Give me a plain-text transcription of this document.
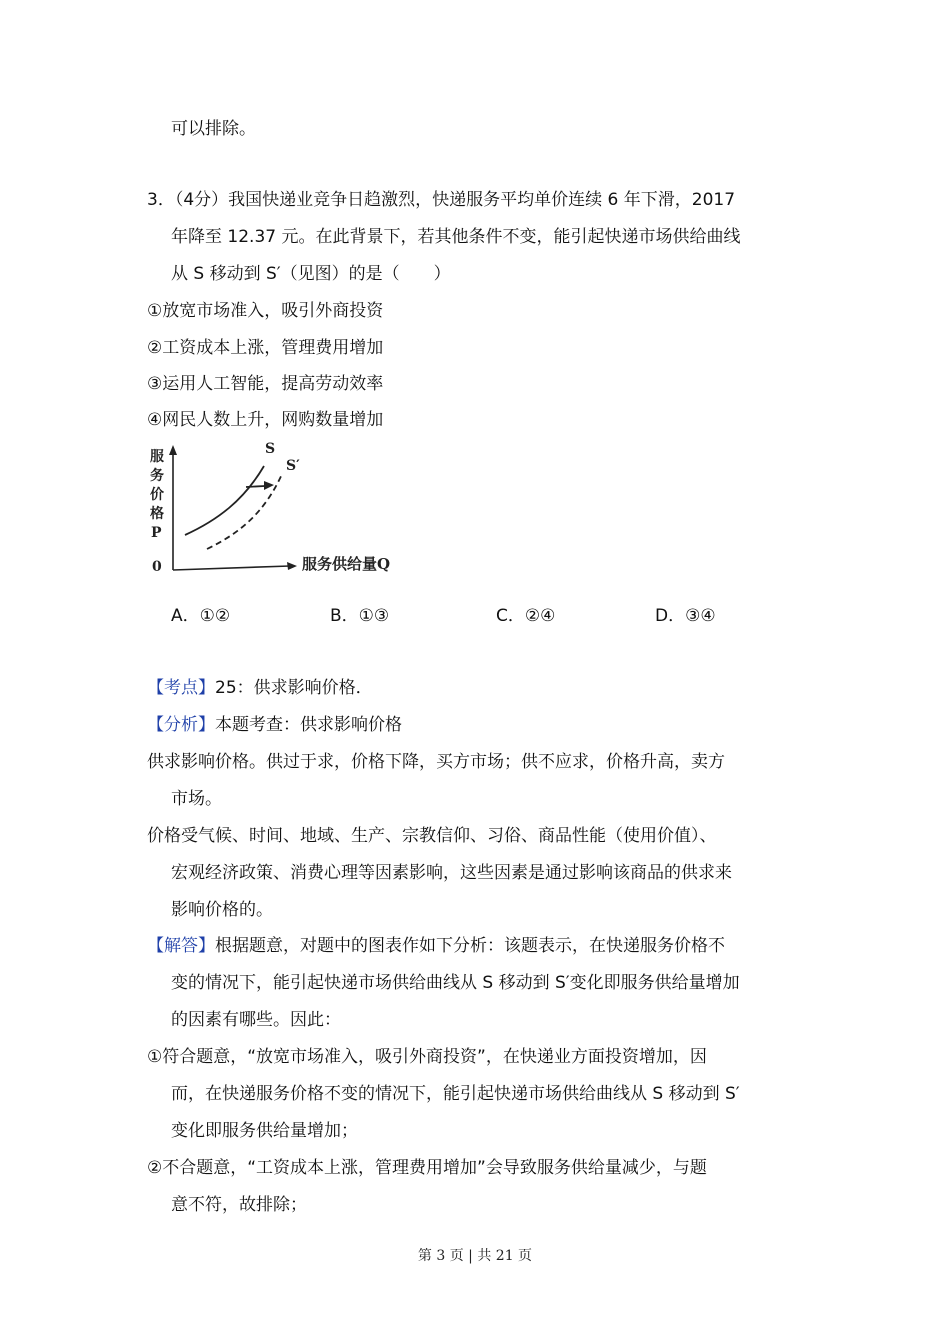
可以排除。
3．（4分）我国快递业竞争日趋激烈，快递服务平均单价连续 6 年下滑，2017
年降至 12.37 元。在此背景下，若其他条件不变，能引起快递市场供给曲线
从 S 移动到 S′（见图）的是（　　）
①放宽市场准入，吸引外商投资
②工资成本上涨，管理费用增加
③运用人工智能，提高劳动效率
④网民人数上升，网购数量增加
服
务
价
格
P
0	服务供给量Q
S
S′
A．①②	B．①③	C．②④	D．③④
【考点】25：供求影响价格．
【分析】本题考查：供求影响价格
供求影响价格。供过于求，价格下降，买方市场；供不应求，价格升高，卖方
市场。
价格受气候、时间、地域、生产、宗教信仰、习俗、商品性能（使用价值）、
宏观经济政策、消费心理等因素影响，这些因素是通过影响该商品的供求来
影响价格的。
【解答】根据题意，对题中的图表作如下分析：该题表示，在快递服务价格不
变的情况下，能引起快递市场供给曲线从 S 移动到 S′变化即服务供给量增加
的因素有哪些。因此：
①符合题意，“放宽市场准入，吸引外商投资”，在快递业方面投资增加，因
而，在快递服务价格不变的情况下，能引起快递市场供给曲线从 S 移动到 S′
变化即服务供给量增加；
②不合题意，“工资成本上涨，管理费用增加”会导致服务供给量减少，与题
意不符，故排除；
第 3 页 | 共 21 页
